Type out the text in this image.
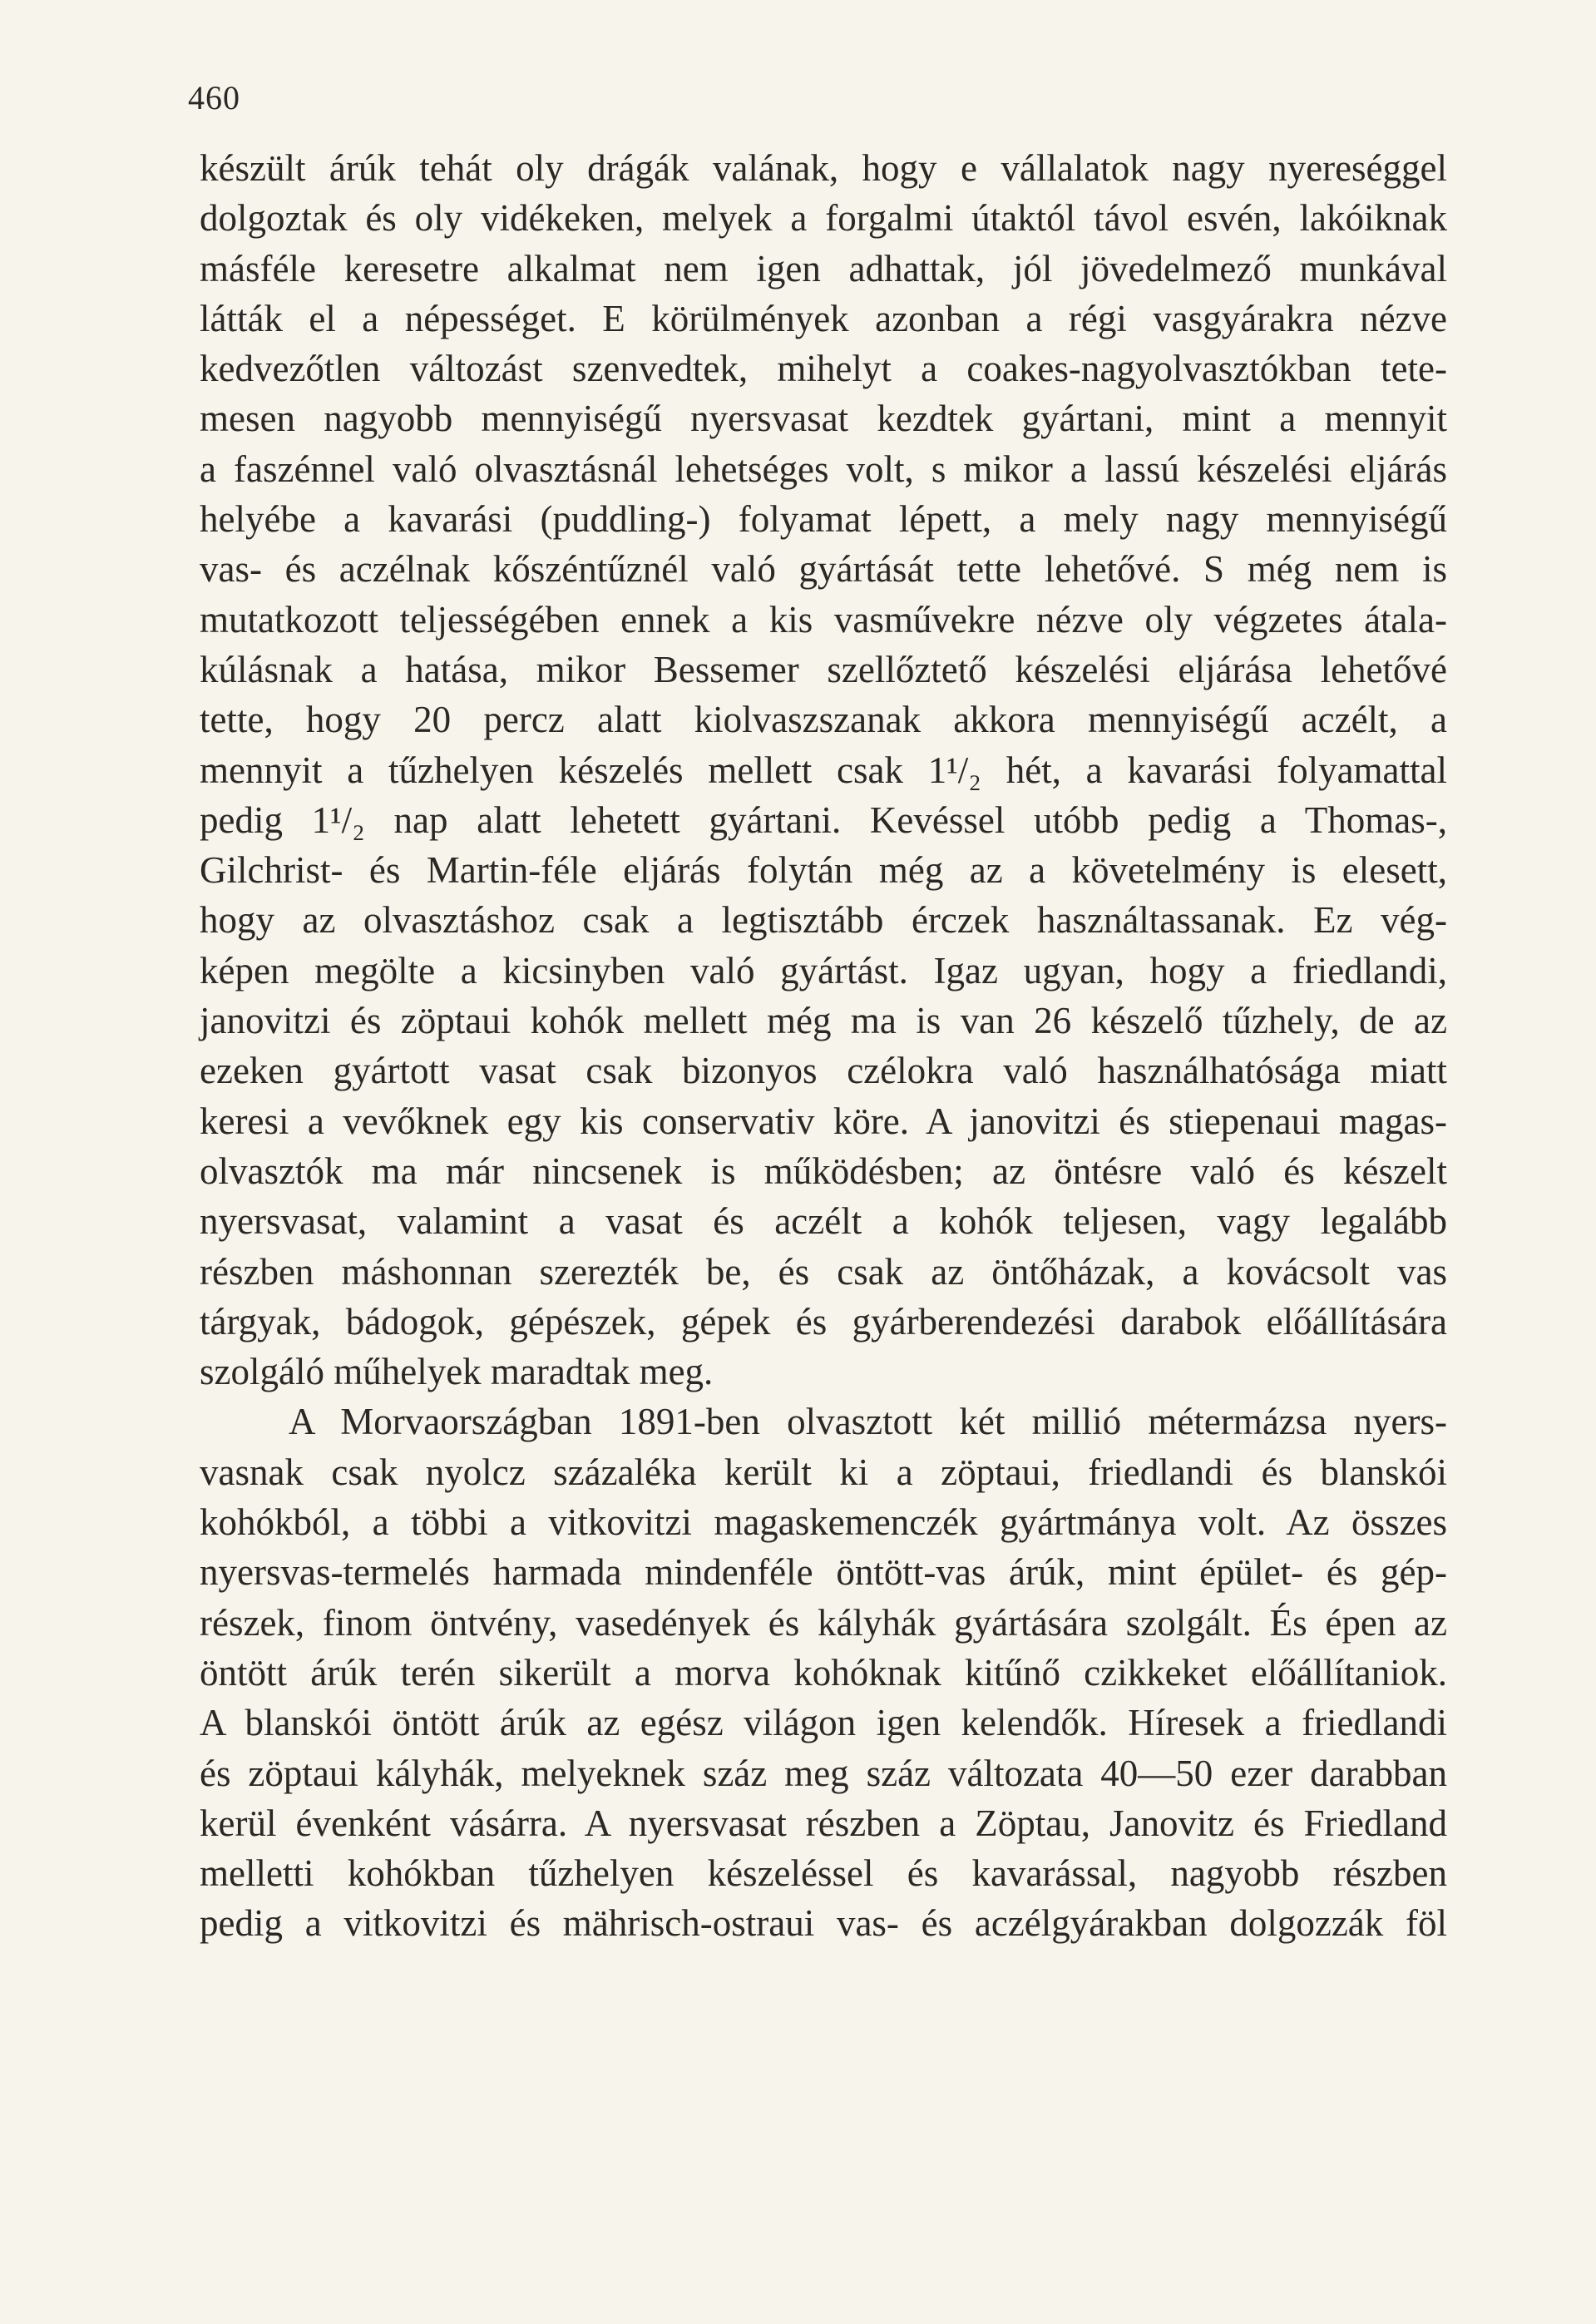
460
készült árúk tehát oly drágák valának, hogy e vállalatok nagy nyereséggel
dolgoztak és oly vidékeken, melyek a forgalmi útaktól távol esvén, lakóiknak
másféle keresetre alkalmat nem igen adhattak, jól jövedelmező munkával
látták el a népességet. E körülmények azonban a régi vasgyárakra nézve
kedvezőtlen változást szenvedtek, mihelyt a coakes-nagyolvasztókban tete-
mesen nagyobb mennyiségű nyersvasat kezdtek gyártani, mint a mennyit
a faszénnel való olvasztásnál lehetséges volt, s mikor a lassú készelési eljárás
helyébe a kavarási (puddling-) folyamat lépett, a mely nagy mennyiségű
vas- és aczélnak kőszéntűznél való gyártását tette lehetővé. S még nem is
mutatkozott teljességében ennek a kis vasművekre nézve oly végzetes átala-
kúlásnak a hatása, mikor Bessemer szellőztető készelési eljárása lehetővé
tette, hogy 20 percz alatt kiolvaszszanak akkora mennyiségű aczélt, a
mennyit a tűzhelyen készelés mellett csak 1¹/₂ hét, a kavarási folyamattal
pedig 1¹/₂ nap alatt lehetett gyártani. Kevéssel utóbb pedig a Thomas-,
Gilchrist- és Martin-féle eljárás folytán még az a követelmény is elesett,
hogy az olvasztáshoz csak a legtisztább érczek használtassanak. Ez vég-
képen megölte a kicsinyben való gyártást. Igaz ugyan, hogy a friedlandi,
janovitzi és zöptaui kohók mellett még ma is van 26 készelő tűzhely, de az
ezeken gyártott vasat csak bizonyos czélokra való használhatósága miatt
keresi a vevőknek egy kis conservativ köre. A janovitzi és stiepenaui magas-
olvasztók ma már nincsenek is működésben; az öntésre való és készelt
nyersvasat, valamint a vasat és aczélt a kohók teljesen, vagy legalább
részben máshonnan szerezték be, és csak az öntőházak, a kovácsolt vas
tárgyak, bádogok, gépészek, gépek és gyárberendezési darabok előállítására
szolgáló műhelyek maradtak meg.
A Morvaországban 1891-ben olvasztott két millió métermázsa nyers-
vasnak csak nyolcz százaléka került ki a zöptaui, friedlandi és blanskói
kohókból, a többi a vitkovitzi magaskemenczék gyártmánya volt. Az összes
nyersvas-termelés harmada mindenféle öntött-vas árúk, mint épület- és gép-
részek, finom öntvény, vasedények és kályhák gyártására szolgált. És épen az
öntött árúk terén sikerült a morva kohóknak kitűnő czikkeket előállítaniok.
A blanskói öntött árúk az egész világon igen kelendők. Híresek a friedlandi
és zöptaui kályhák, melyeknek száz meg száz változata 40—50 ezer darabban
kerül évenként vásárra. A nyersvasat részben a Zöptau, Janovitz és Friedland
melletti kohókban tűzhelyen készeléssel és kavarással, nagyobb részben
pedig a vitkovitzi és mährisch-ostraui vas- és aczélgyárakban dolgozzák föl
